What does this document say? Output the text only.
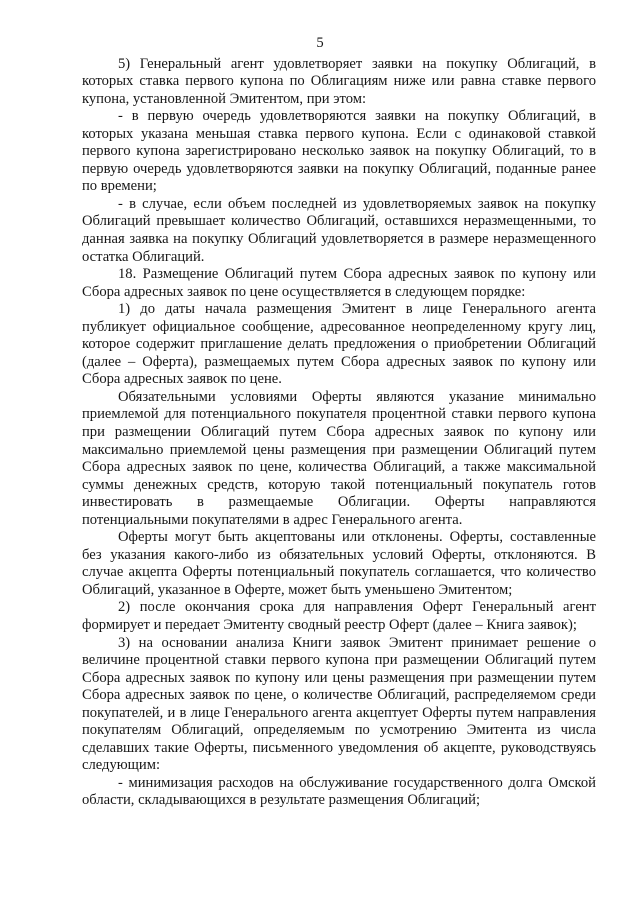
5

5) Генеральный агент удовлетворяет заявки на покупку Облигаций, в которых ставка первого купона по Облигациям ниже или равна ставке первого купона, установленной Эмитентом, при этом:

- в первую очередь удовлетворяются заявки на покупку Облигаций, в которых указана меньшая ставка первого купона. Если с одинаковой ставкой первого купона зарегистрировано несколько заявок на покупку Облигаций, то в первую очередь удовлетворяются заявки на покупку Облигаций, поданные ранее по времени;

- в случае, если объем последней из удовлетворяемых заявок на покупку Облигаций превышает количество Облигаций, оставшихся неразмещенными, то данная заявка на покупку Облигаций удовлетворяется в размере неразмещенного остатка Облигаций.

18. Размещение Облигаций путем Сбора адресных заявок по купону или Сбора адресных заявок по цене осуществляется в следующем порядке:

1) до даты начала размещения Эмитент в лице Генерального агента публикует официальное сообщение, адресованное неопределенному кругу лиц, которое содержит приглашение делать предложения о приобретении Облигаций (далее – Оферта), размещаемых путем Сбора адресных заявок по купону или Сбора адресных заявок по цене.

Обязательными условиями Оферты являются указание минимально приемлемой для потенциального покупателя процентной ставки первого купона при размещении Облигаций путем Сбора адресных заявок по купону или максимально приемлемой цены размещения при размещении Облигаций путем Сбора адресных заявок по цене, количества Облигаций, а также максимальной суммы денежных средств, которую такой потенциальный покупатель готов инвестировать в размещаемые Облигации. Оферты направляются потенциальными покупателями в адрес Генерального агента.

Оферты могут быть акцептованы или отклонены. Оферты, составленные без указания какого-либо из обязательных условий Оферты, отклоняются. В случае акцепта Оферты потенциальный покупатель соглашается, что количество Облигаций, указанное в Оферте, может быть уменьшено Эмитентом;

2) после окончания срока для направления Оферт Генеральный агент формирует и передает Эмитенту сводный реестр Оферт (далее – Книга заявок);

3) на основании анализа Книги заявок Эмитент принимает решение о величине процентной ставки первого купона при размещении Облигаций путем Сбора адресных заявок по купону или цены размещения при размещении путем Сбора адресных заявок по цене, о количестве Облигаций, распределяемом среди покупателей, и в лице Генерального агента акцептует Оферты путем направления покупателям Облигаций, определяемым по усмотрению Эмитента из числа сделавших такие Оферты, письменного уведомления об акцепте, руководствуясь следующим:

- минимизация расходов на обслуживание государственного долга Омской области, складывающихся в результате размещения Облигаций;
